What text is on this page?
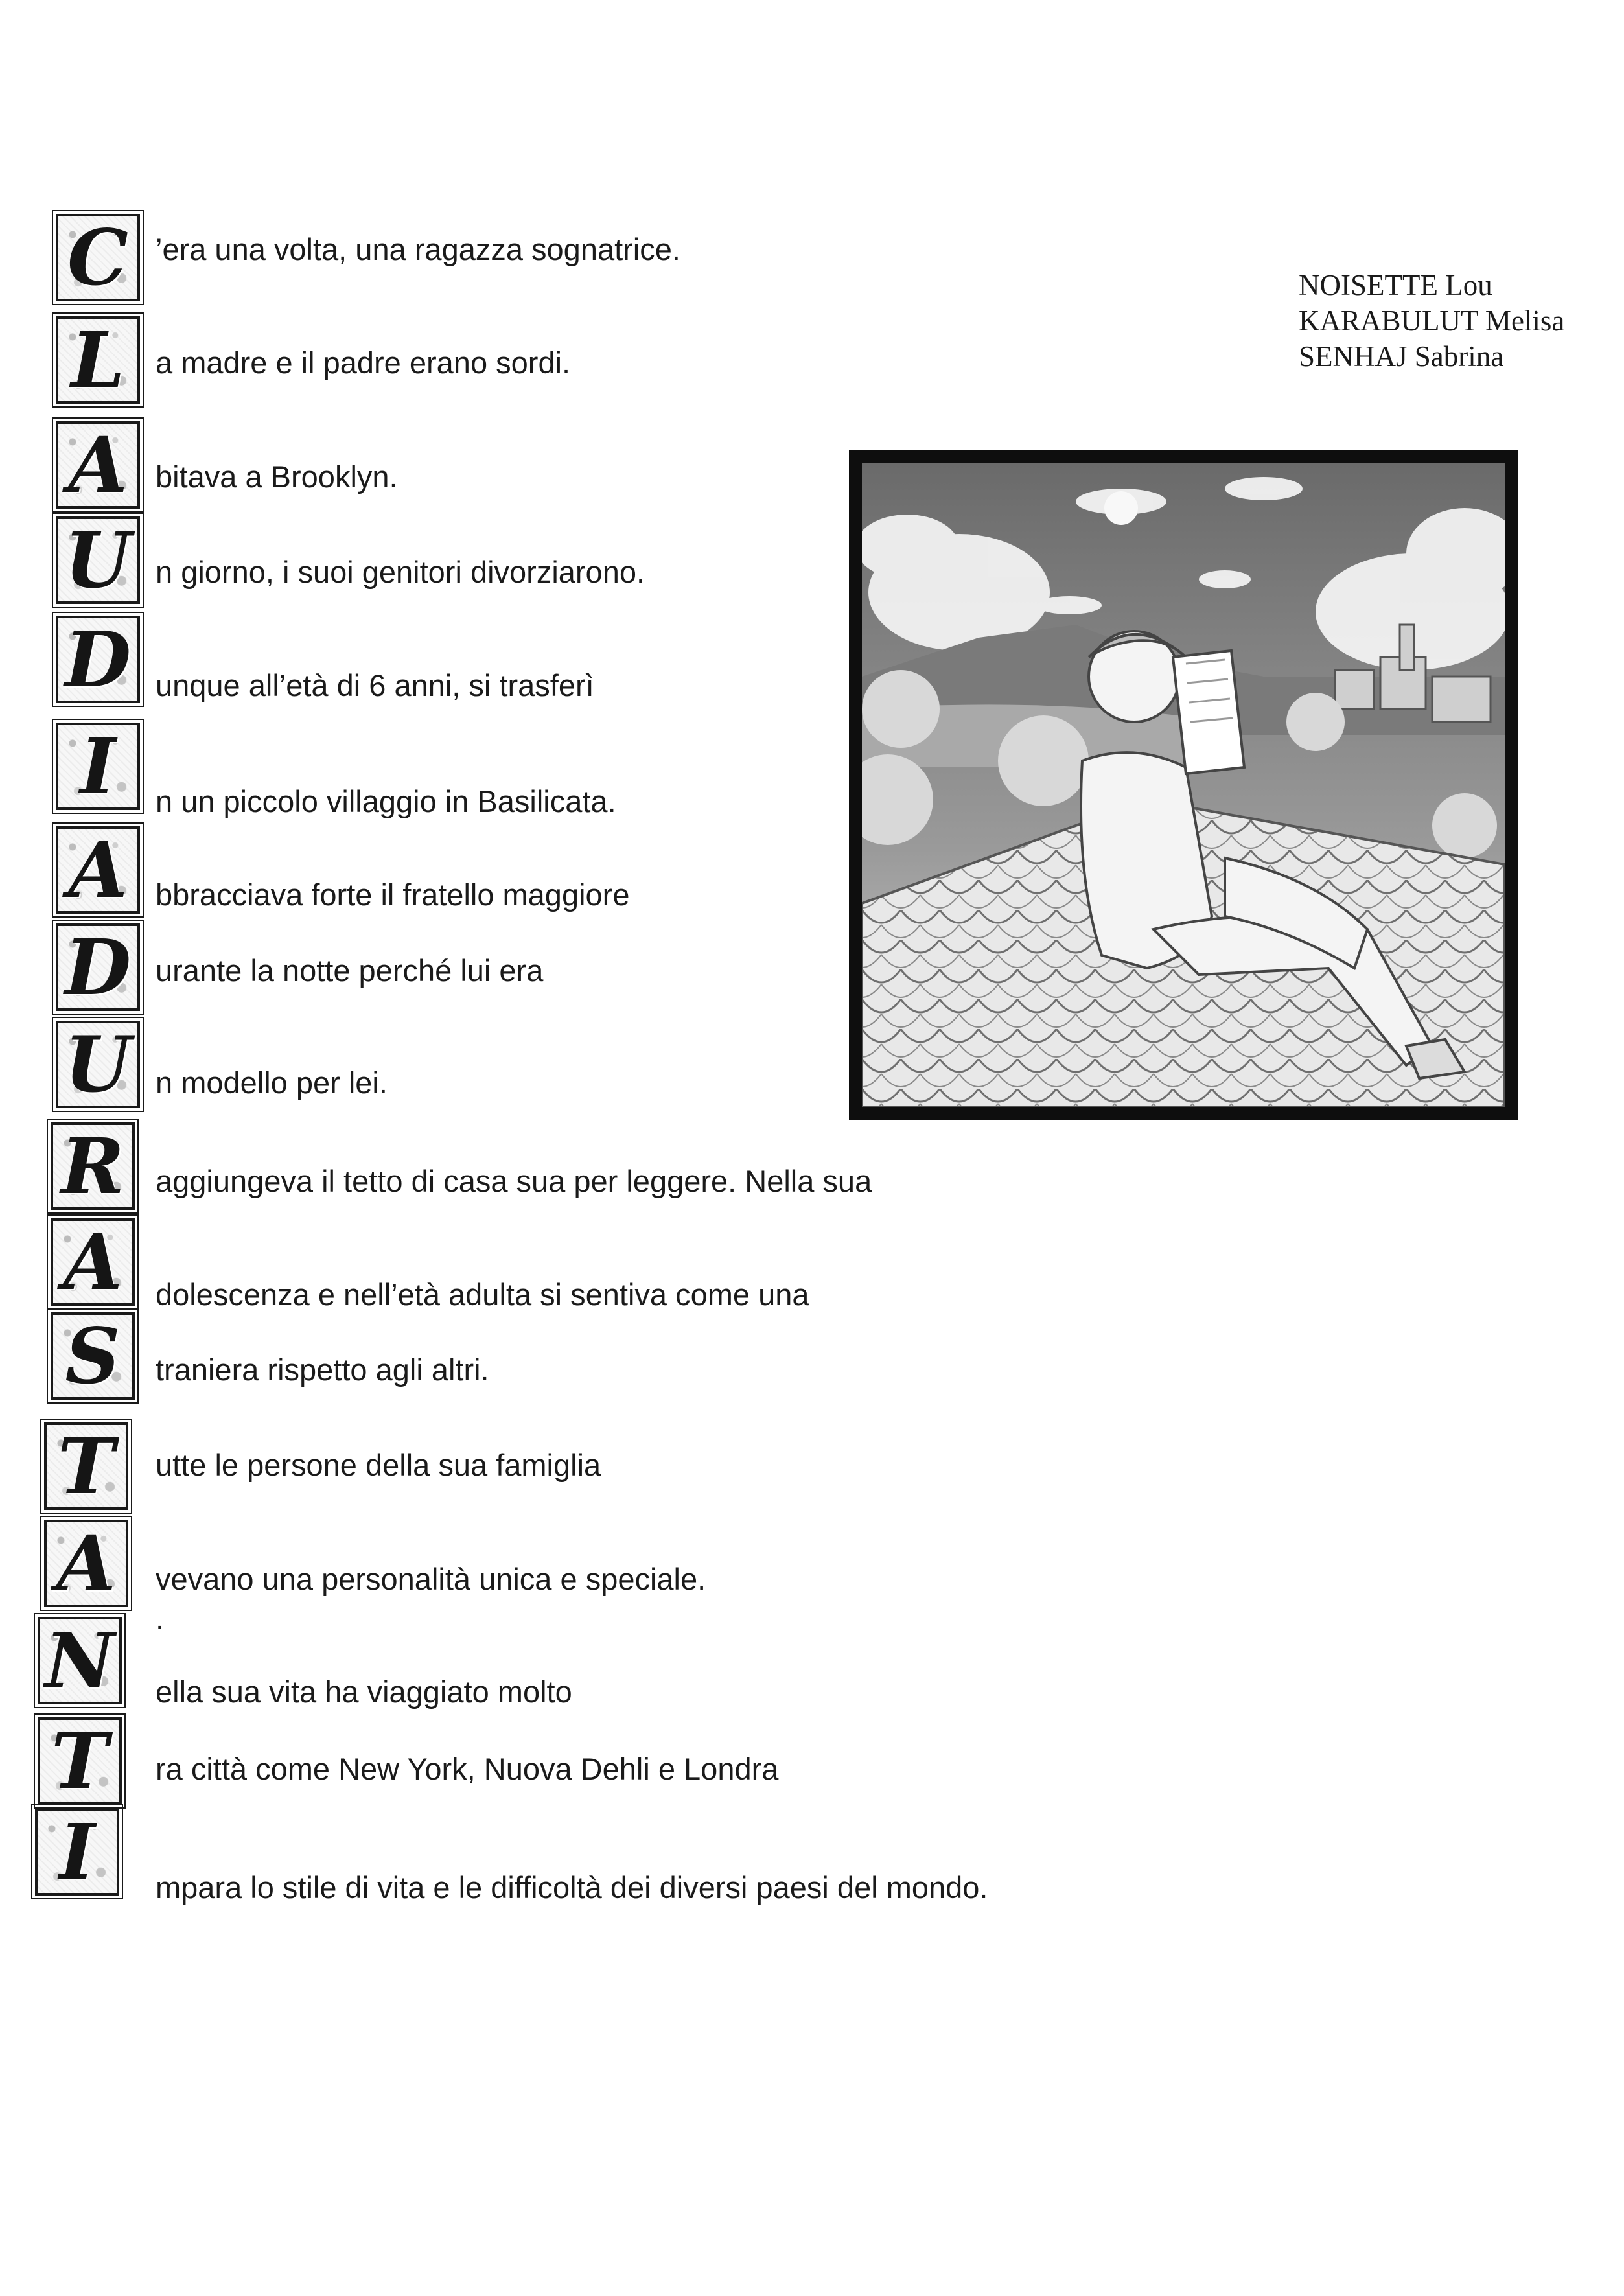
NOISETTE Lou
KARABULUT Melisa
SENHAJ Sabrina
C ’era una volta, una ragazza sognatrice.
L a madre e il padre erano sordi.
A bitava a Brooklyn.
U n giorno, i suoi genitori divorziarono.
D unque all’età di 6 anni, si trasferì
I n un piccolo villaggio in Basilicata.
A bbracciava forte il fratello maggiore
D urante la notte perché lui era
U n modello per lei.
R aggiungeva il tetto di casa sua per leggere. Nella sua
A dolescenza e nell’età adulta si sentiva come una
S traniera rispetto agli altri.
T utte le persone della sua famiglia
A vevano una personalità unica e speciale.
N ella sua vita ha viaggiato molto
T ra città come New York, Nuova Dehli e Londra
I mpara lo stile di vita e le difficoltà dei diversi paesi del mondo.
.
